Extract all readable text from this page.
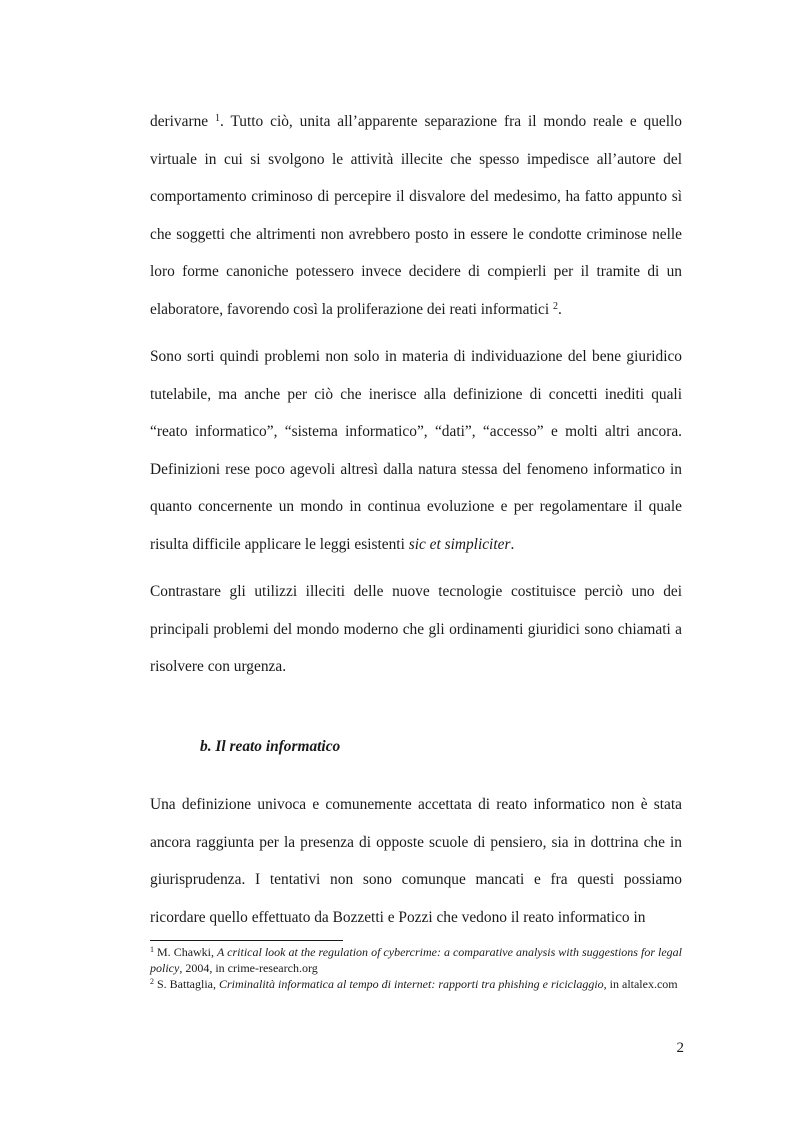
derivarne $^1$. Tutto ciò, unita all’apparente separazione fra il mondo reale e quello virtuale in cui si svolgono le attività illecite che spesso impedisce all’autore del comportamento criminoso di percepire il disvalore del medesimo, ha fatto appunto sì che soggetti che altrimenti non avrebbero posto in essere le condotte criminose nelle loro forme canoniche potessero invece decidere di compierli per il tramite di un elaboratore, favorendo così la proliferazione dei reati informatici $^2$.

Sono sorti quindi problemi non solo in materia di individuazione del bene giuridico tutelabile, ma anche per ciò che inerisce alla definizione di concetti inediti quali “reato informatico”, “sistema informatico”, “dati”, “accesso” e molti altri ancora. Definizioni rese poco agevoli altresì dalla natura stessa del fenomeno informatico in quanto concernente un mondo in continua evoluzione e per regolamentare il quale risulta difficile applicare le leggi esistenti sic et simpliciter.

Contrastare gli utilizzi illeciti delle nuove tecnologie costituisce perciò uno dei principali problemi del mondo moderno che gli ordinamenti giuridici sono chiamati a risolvere con urgenza.

b. Il reato informatico

Una definizione univoca e comunemente accettata di reato informatico non è stata ancora raggiunta per la presenza di opposte scuole di pensiero, sia in dottrina che in giurisprudenza. I tentativi non sono comunque mancati e fra questi possiamo ricordare quello effettuato da Bozzetti e Pozzi che vedono il reato informatico in

$^1$ M. Chawki, A critical look at the regulation of cybercrime: a comparative analysis with suggestions for legal policy, 2004, in crime-research.org

$^2$ S. Battaglia, Criminalità informatica al tempo di internet: rapporti tra phishing e riciclaggio, in altalex.com

2
